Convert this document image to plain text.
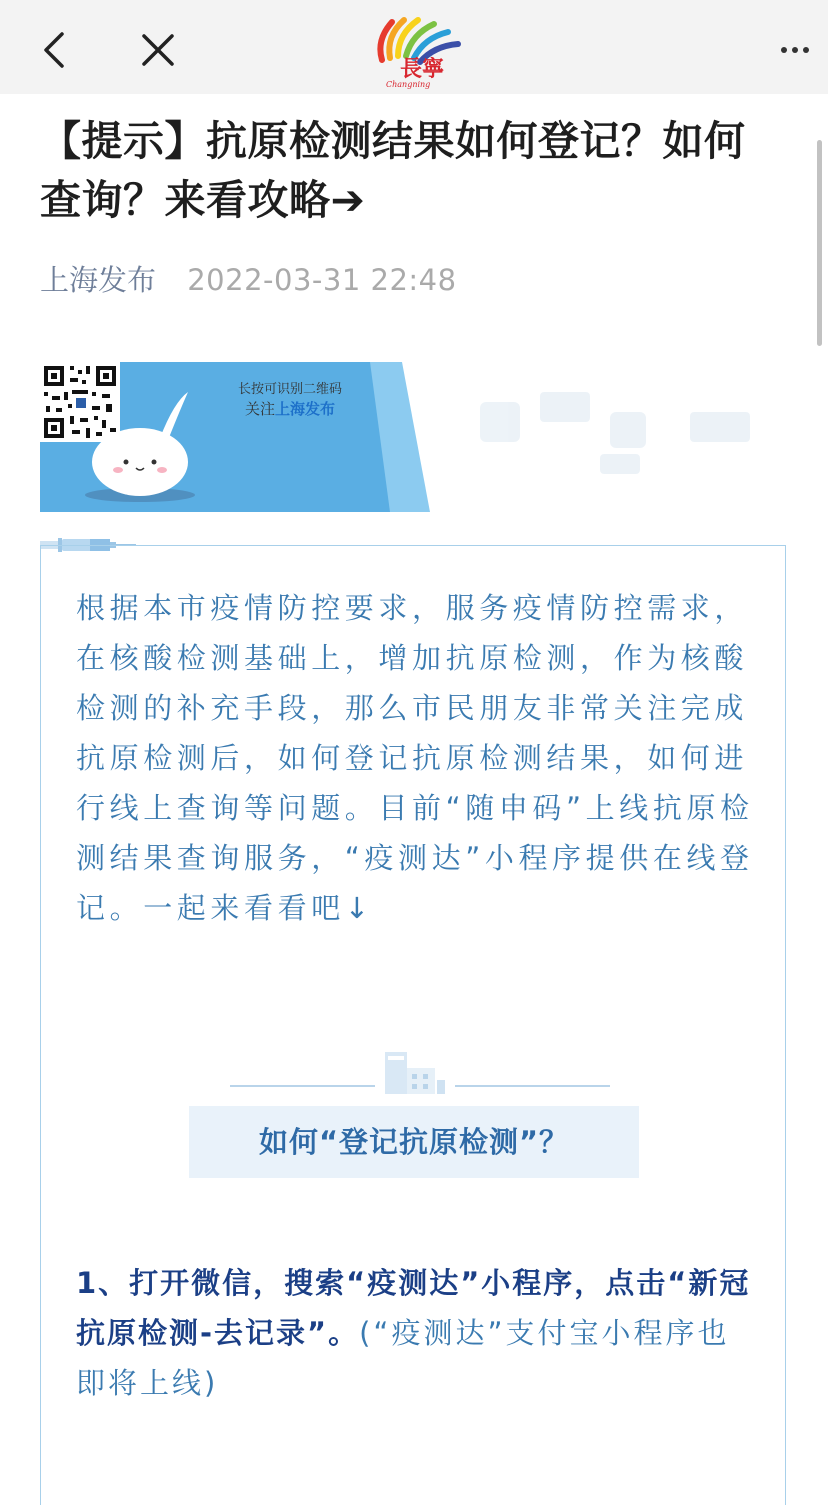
長寧
Changning
【提示】抗原检测结果如何登记？如何查询？来看攻略➔
上海发布 2022-03-31 22:48
长按可识别二维码
关注上海发布

根据本市疫情防控要求，服务疫情防控需求，在核酸检测基础上，增加抗原检测，作为核酸检测的补充手段，那么市民朋友非常关注完成抗原检测后，如何登记抗原检测结果，如何进行线上查询等问题。目前“随申码”上线抗原检测结果查询服务，“疫测达”小程序提供在线登记。一起来看看吧↓

如何“登记抗原检测”？

1、打开微信，搜索“疫测达”小程序，点击“新冠抗原检测-去记录”。(“疫测达”支付宝小程序也即将上线)
